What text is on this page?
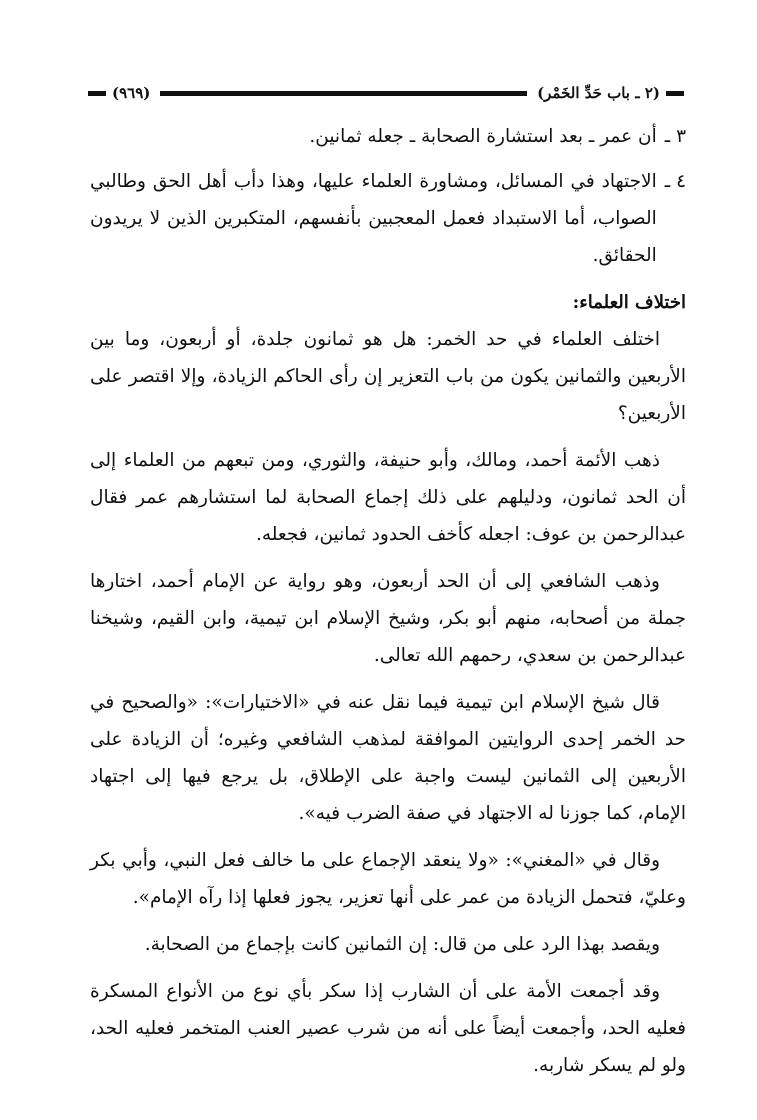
(٢ ـ باب حَدِّ الخَمْر)
(٩٦٩)
٣ ـ
أن عمر ـ بعد استشارة الصحابة ـ جعله ثمانين.
٤ ـ
الاجتهاد في المسائل، ومشاورة العلماء عليها، وهذا دأب أهل الحق وطالبي الصواب، أما الاستبداد فعمل المعجبين بأنفسهم، المتكبرين الذين لا يريدون الحقائق.

اختلاف العلماء:

اختلف العلماء في حد الخمر: هل هو ثمانون جلدة، أو أربعون، وما بين الأربعين والثمانين يكون من باب التعزير إن رأى الحاكم الزيادة، وإلا اقتصر على الأربعين؟

ذهب الأئمة أحمد، ومالك، وأبو حنيفة، والثوري، ومن تبعهم من العلماء إلى أن الحد ثمانون، ودليلهم على ذلك إجماع الصحابة لما استشارهم عمر فقال عبدالرحمن بن عوف: اجعله كأخف الحدود ثمانين، فجعله.

وذهب الشافعي إلى أن الحد أربعون، وهو رواية عن الإمام أحمد، اختارها جملة من أصحابه، منهم أبو بكر، وشيخ الإسلام ابن تيمية، وابن القيم، وشيخنا عبدالرحمن بن سعدي، رحمهم الله تعالى.

قال شيخ الإسلام ابن تيمية فيما نقل عنه في «الاختيارات»: «والصحيح في حد الخمر إحدى الروايتين الموافقة لمذهب الشافعي وغيره؛ أن الزيادة على الأربعين إلى الثمانين ليست واجبة على الإطلاق، بل يرجع فيها إلى اجتهاد الإمام، كما جوزنا له الاجتهاد في صفة الضرب فيه».

وقال في «المغني»: «ولا ينعقد الإجماع على ما خالف فعل النبي، وأبي بكر وعليّ، فتحمل الزيادة من عمر على أنها تعزير، يجوز فعلها إذا رآه الإمام».

ويقصد بهذا الرد على من قال: إن الثمانين كانت بإجماع من الصحابة.

وقد أجمعت الأمة على أن الشارب إذا سكر بأي نوع من الأنواع المسكرة فعليه الحد، وأجمعت أيضاً على أنه من شرب عصير العنب المتخمر فعليه الحد، ولو لم يسكر شاربه.
